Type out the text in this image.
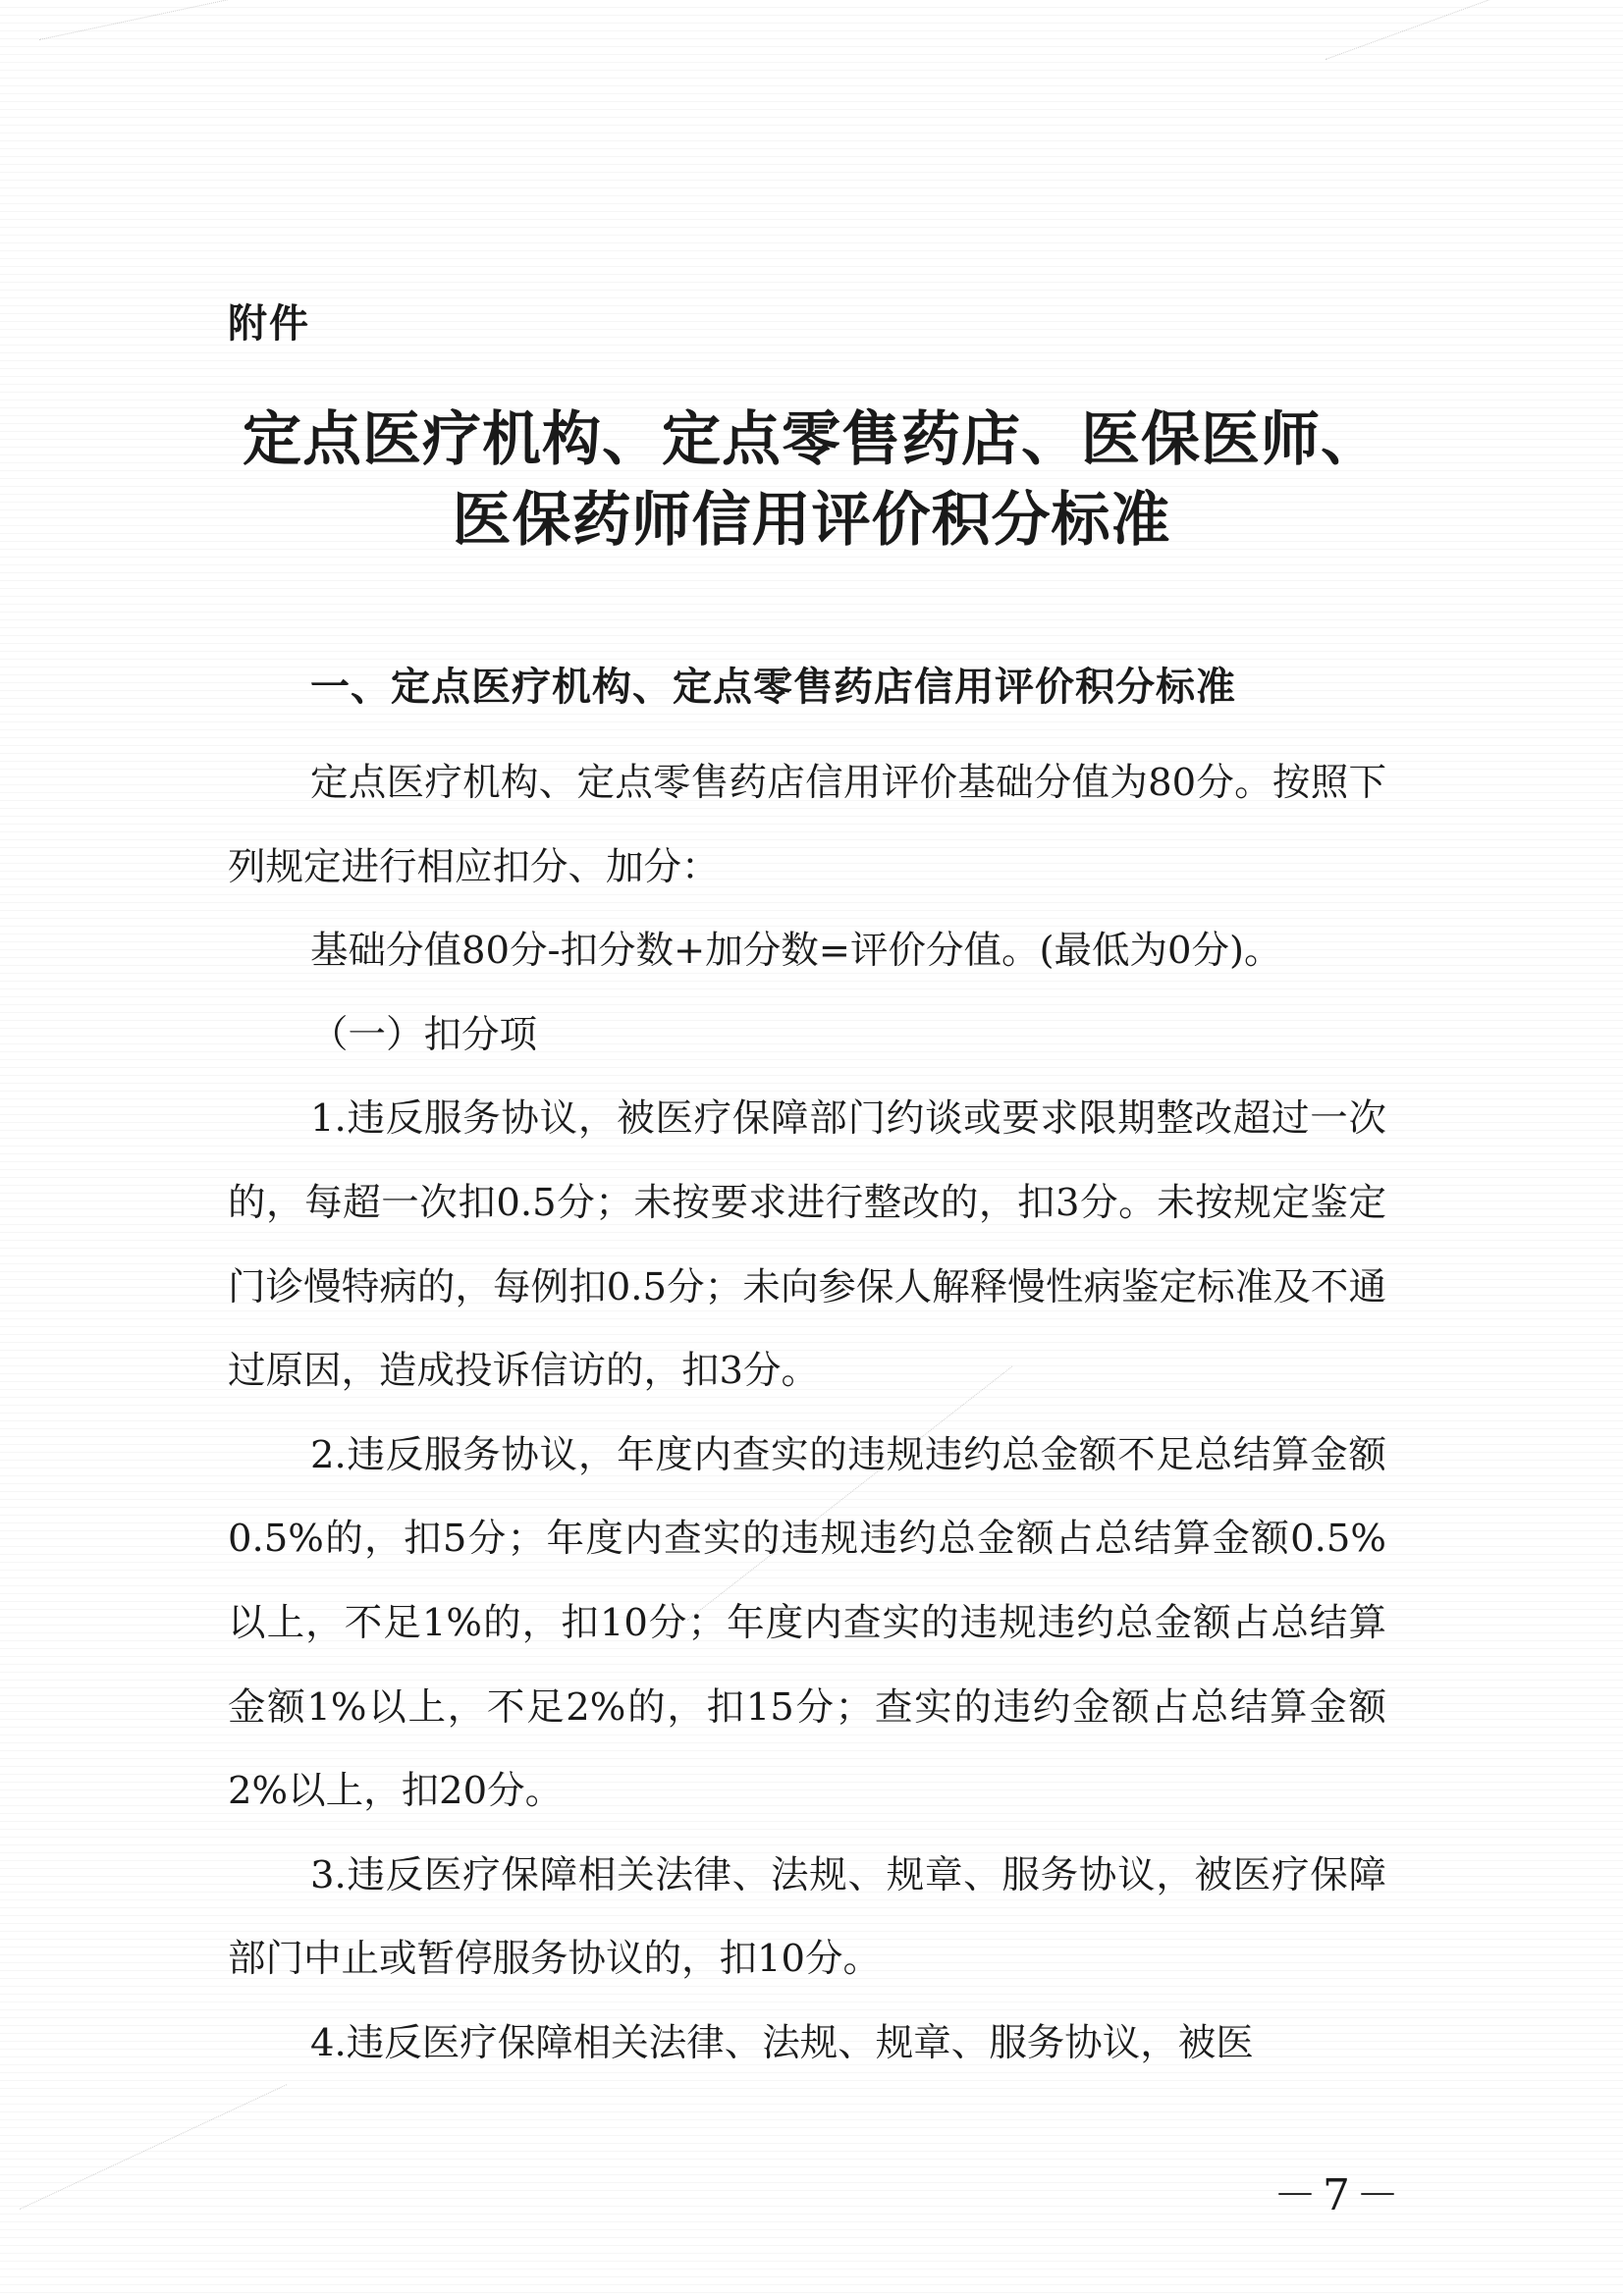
附件
定点医疗机构、定点零售药店、医保医师、
医保药师信用评价积分标准
一、定点医疗机构、定点零售药店信用评价积分标准

定点医疗机构、定点零售药店信用评价基础分值为80分。按照下列规定进行相应扣分、加分：

基础分值80分-扣分数+加分数=评价分值。(最低为0分)。

（一）扣分项

1.违反服务协议，被医疗保障部门约谈或要求限期整改超过一次的，每超一次扣0.5分；未按要求进行整改的，扣3分。未按规定鉴定门诊慢特病的，每例扣0.5分；未向参保人解释慢性病鉴定标准及不通过原因，造成投诉信访的，扣3分。

2.违反服务协议，年度内查实的违规违约总金额不足总结算金额0.5%的，扣5分；年度内查实的违规违约总金额占总结算金额0.5%以上，不足1%的，扣10分；年度内查实的违规违约总金额占总结算金额1%以上，不足2%的，扣15分；查实的违约金额占总结算金额2%以上，扣20分。

3.违反医疗保障相关法律、法规、规章、服务协议，被医疗保障部门中止或暂停服务协议的，扣10分。

4.违反医疗保障相关法律、法规、规章、服务协议，被医

－7－
